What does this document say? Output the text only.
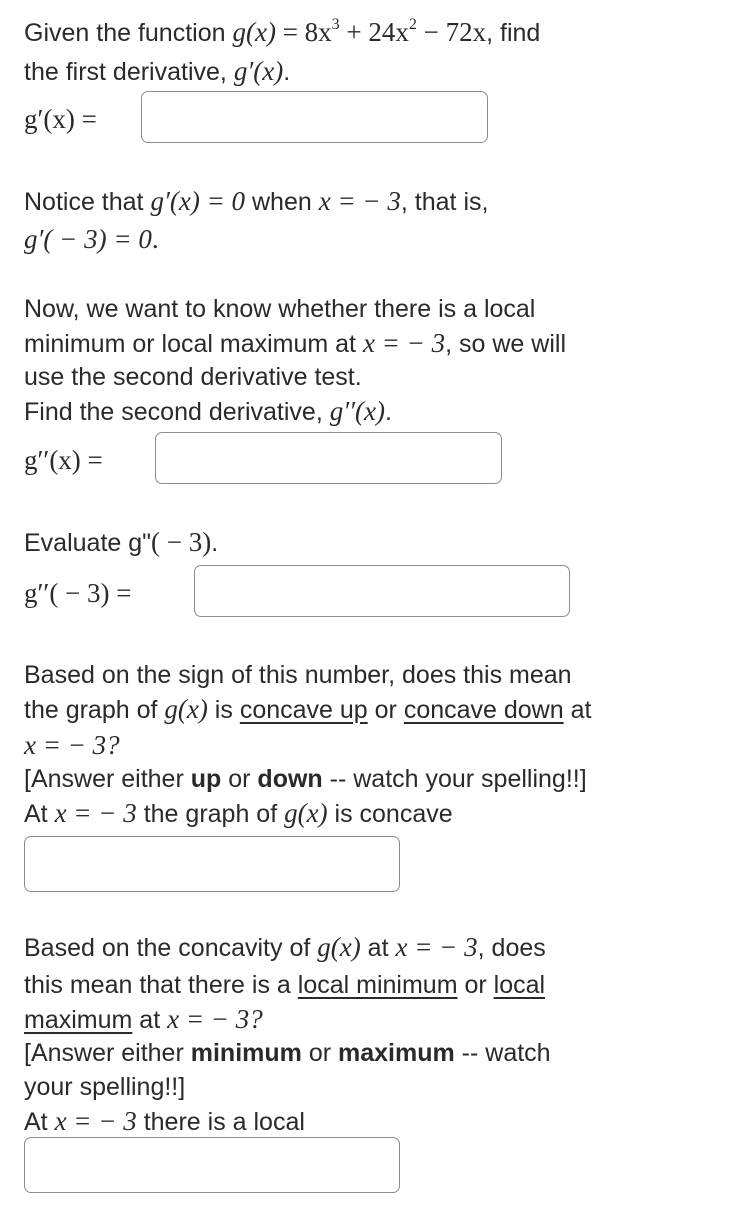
Given the function $g(x) = 8x^3 + 24x^2 - 72x$, find
the first derivative, g′(x).
g′(x) =
Notice that g′(x) = 0 when x = − 3, that is,
g′( − 3) = 0.
Now, we want to know whether there is a local
minimum or local maximum at x = − 3, so we will
use the second derivative test.
Find the second derivative, g′′(x).
g′′(x) =
Evaluate g"( − 3).
g′′( − 3) =
Based on the sign of this number, does this mean
the graph of g(x) is concave up or concave down at
x = − 3?
[Answer either up or down -- watch your spelling!!]
At x = − 3 the graph of g(x) is concave
Based on the concavity of g(x) at x = − 3, does
this mean that there is a local minimum or local
maximum at x = − 3?
[Answer either minimum or maximum -- watch
your spelling!!]
At x = − 3 there is a local
